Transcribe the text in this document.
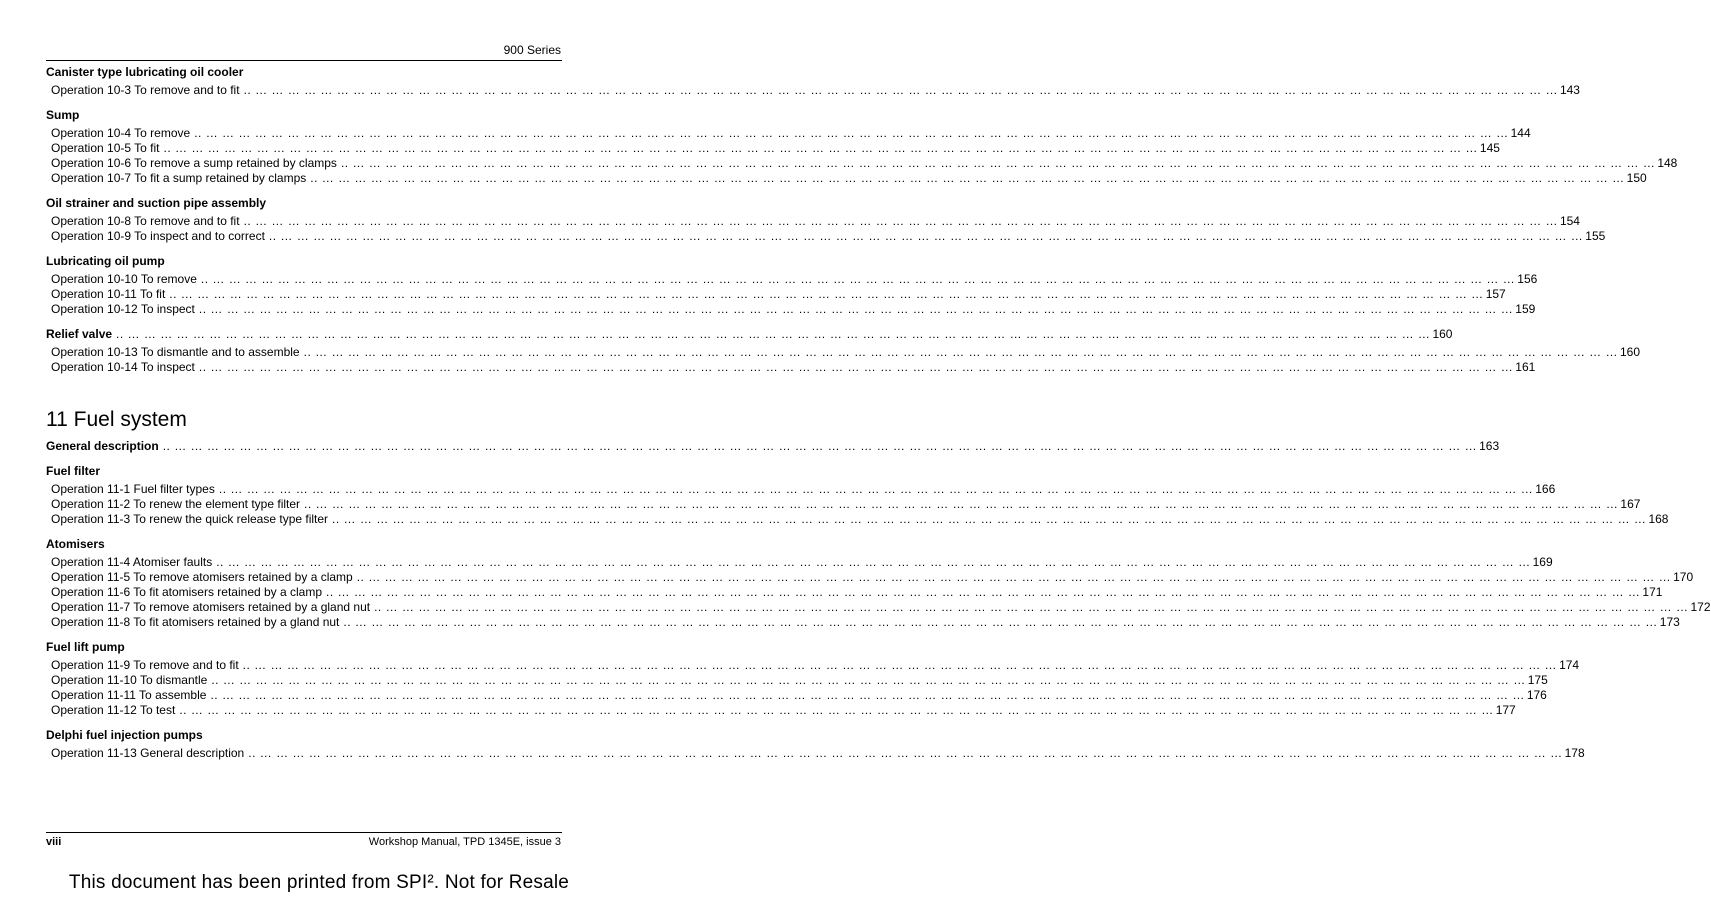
900 Series
Canister type lubricating oil cooler
Operation 10-3 To remove and to fit .. … … … … … … … … … … … … … … … … … … … … … … … … … … … … … … … … … … … … … … … … … … … … … … … … … … … … … … … … … … … … … … … … … … … … … … … … … … … … … … … … 143
Sump
Operation 10-4 To remove .. … … … … … … … … … … … … … … … … … … … … … … … … … … … … … … … … … … … … … … … … … … … … … … … … … … … … … … … … … … … … … … … … … … … … … … … … … … … … … … … … 144
Operation 10-5 To fit .. … … … … … … … … … … … … … … … … … … … … … … … … … … … … … … … … … … … … … … … … … … … … … … … … … … … … … … … … … … … … … … … … … … … … … … … … … … … … … … … … 145
Operation 10-6 To remove a sump retained by clamps .. … … … … … … … … … … … … … … … … … … … … … … … … … … … … … … … … … … … … … … … … … … … … … … … … … … … … … … … … … … … … … … … … … … … … … … … … … … … … … … … … 148
Operation 10-7 To fit a sump retained by clamps .. … … … … … … … … … … … … … … … … … … … … … … … … … … … … … … … … … … … … … … … … … … … … … … … … … … … … … … … … … … … … … … … … … … … … … … … … … … … … … … … … 150
Oil strainer and suction pipe assembly
Operation 10-8 To remove and to fit .. … … … … … … … … … … … … … … … … … … … … … … … … … … … … … … … … … … … … … … … … … … … … … … … … … … … … … … … … … … … … … … … … … … … … … … … … … … … … … … … … 154
Operation 10-9 To inspect and to correct .. … … … … … … … … … … … … … … … … … … … … … … … … … … … … … … … … … … … … … … … … … … … … … … … … … … … … … … … … … … … … … … … … … … … … … … … … … … … … … … … … 155
Lubricating oil pump
Operation 10-10 To remove .. … … … … … … … … … … … … … … … … … … … … … … … … … … … … … … … … … … … … … … … … … … … … … … … … … … … … … … … … … … … … … … … … … … … … … … … … … … … … … … … … 156
Operation 10-11 To fit .. … … … … … … … … … … … … … … … … … … … … … … … … … … … … … … … … … … … … … … … … … … … … … … … … … … … … … … … … … … … … … … … … … … … … … … … … … … … … … … … … 157
Operation 10-12 To inspect .. … … … … … … … … … … … … … … … … … … … … … … … … … … … … … … … … … … … … … … … … … … … … … … … … … … … … … … … … … … … … … … … … … … … … … … … … … … … … … … … … 159
Relief valve .. … … … … … … … … … … … … … … … … … … … … … … … … … … … … … … … … … … … … … … … … … … … … … … … … … … … … … … … … … … … … … … … … … … … … … … … … … … … … … … … … 160
Operation 10-13 To dismantle and to assemble .. … … … … … … … … … … … … … … … … … … … … … … … … … … … … … … … … … … … … … … … … … … … … … … … … … … … … … … … … … … … … … … … … … … … … … … … … … … … … … … … … 160
Operation 10-14 To inspect .. … … … … … … … … … … … … … … … … … … … … … … … … … … … … … … … … … … … … … … … … … … … … … … … … … … … … … … … … … … … … … … … … … … … … … … … … … … … … … … … … 161
11 Fuel system
General description .. … … … … … … … … … … … … … … … … … … … … … … … … … … … … … … … … … … … … … … … … … … … … … … … … … … … … … … … … … … … … … … … … … … … … … … … … … … … … … … … … 163
Fuel filter
Operation 11-1 Fuel filter types .. … … … … … … … … … … … … … … … … … … … … … … … … … … … … … … … … … … … … … … … … … … … … … … … … … … … … … … … … … … … … … … … … … … … … … … … … … … … … … … … … 166
Operation 11-2 To renew the element type filter .. … … … … … … … … … … … … … … … … … … … … … … … … … … … … … … … … … … … … … … … … … … … … … … … … … … … … … … … … … … … … … … … … … … … … … … … … … … … … … … … … 167
Operation 11-3 To renew the quick release type filter .. … … … … … … … … … … … … … … … … … … … … … … … … … … … … … … … … … … … … … … … … … … … … … … … … … … … … … … … … … … … … … … … … … … … … … … … … … … … … … … … … 168
Atomisers
Operation 11-4 Atomiser faults .. … … … … … … … … … … … … … … … … … … … … … … … … … … … … … … … … … … … … … … … … … … … … … … … … … … … … … … … … … … … … … … … … … … … … … … … … … … … … … … … … 169
Operation 11-5 To remove atomisers retained by a clamp .. … … … … … … … … … … … … … … … … … … … … … … … … … … … … … … … … … … … … … … … … … … … … … … … … … … … … … … … … … … … … … … … … … … … … … … … … … … … … … … … … 170
Operation 11-6 To fit atomisers retained by a clamp .. … … … … … … … … … … … … … … … … … … … … … … … … … … … … … … … … … … … … … … … … … … … … … … … … … … … … … … … … … … … … … … … … … … … … … … … … … … … … … … … … 171
Operation 11-7 To remove atomisers retained by a gland nut .. … … … … … … … … … … … … … … … … … … … … … … … … … … … … … … … … … … … … … … … … … … … … … … … … … … … … … … … … … … … … … … … … … … … … … … … … … … … … … … … … 172
Operation 11-8 To fit atomisers retained by a gland nut .. … … … … … … … … … … … … … … … … … … … … … … … … … … … … … … … … … … … … … … … … … … … … … … … … … … … … … … … … … … … … … … … … … … … … … … … … … … … … … … … … 173
Fuel lift pump
Operation 11-9 To remove and to fit .. … … … … … … … … … … … … … … … … … … … … … … … … … … … … … … … … … … … … … … … … … … … … … … … … … … … … … … … … … … … … … … … … … … … … … … … … … … … … … … … … 174
Operation 11-10 To dismantle .. … … … … … … … … … … … … … … … … … … … … … … … … … … … … … … … … … … … … … … … … … … … … … … … … … … … … … … … … … … … … … … … … … … … … … … … … … … … … … … … … 175
Operation 11-11 To assemble .. … … … … … … … … … … … … … … … … … … … … … … … … … … … … … … … … … … … … … … … … … … … … … … … … … … … … … … … … … … … … … … … … … … … … … … … … … … … … … … … … 176
Operation 11-12 To test .. … … … … … … … … … … … … … … … … … … … … … … … … … … … … … … … … … … … … … … … … … … … … … … … … … … … … … … … … … … … … … … … … … … … … … … … … … … … … … … … … 177
Delphi fuel injection pumps
Operation 11-13 General description .. … … … … … … … … … … … … … … … … … … … … … … … … … … … … … … … … … … … … … … … … … … … … … … … … … … … … … … … … … … … … … … … … … … … … … … … … … … … … … … … … 178
viii	Workshop Manual, TPD 1345E, issue 3
This document has been printed from SPI². Not for Resale
